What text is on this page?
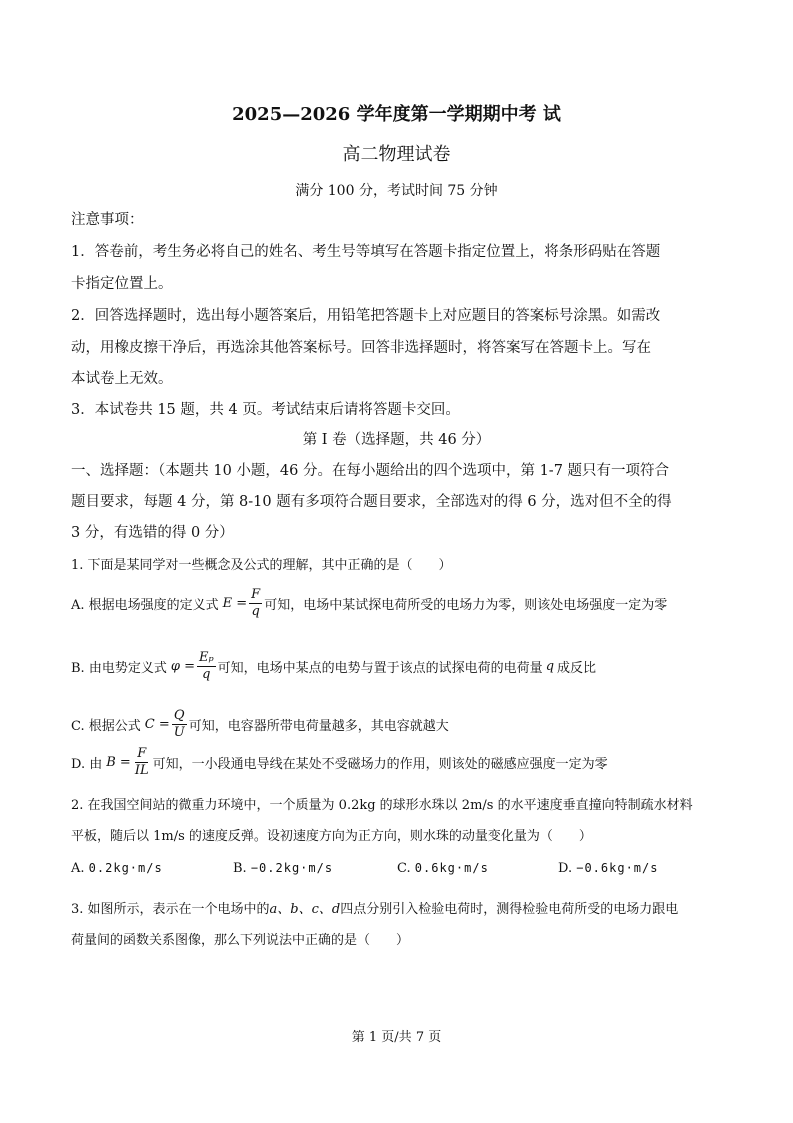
2025—2026 学年度第一学期期中考 试
高二物理试卷
满分 100 分，考试时间 75 分钟
注意事项：
1．答卷前，考生务必将自己的姓名、考生号等填写在答题卡指定位置上，将条形码贴在答题
卡指定位置上。
2．回答选择题时，选出每小题答案后，用铅笔把答题卡上对应题目的答案标号涂黑。如需改
动，用橡皮擦干净后，再选涂其他答案标号。回答非选择题时，将答案写在答题卡上。写在
本试卷上无效。
3．本试卷共 15 题，共 4 页。考试结束后请将答题卡交回。
第 I 卷（选择题，共 46 分）
一、选择题：（本题共 10 小题，46 分。在每小题给出的四个选项中，第 1-7 题只有一项符合
题目要求，每题 4 分，第 8-10 题有多项符合题目要求，全部选对的得 6 分，选对但不全的得
3 分，有选错的得 0 分）
1. 下面是某同学对一些概念及公式的理解，其中正确的是（　　）
A. 根据电场强度的定义式 $E = \frac{F}{q}$ 可知，电场中某试探电荷所受的电场力为零，则该处电场强度一定为零
B. 由电势定义式 $\varphi = \frac{\text{Eₚ}}{q}$ 可知，电场中某点的电势与置于该点的试探电荷的电荷量 q 成反比
C. 根据公式 $C = \frac{Q}{U}$ 可知，电容器所带电荷量越多，其电容就越大
D. 由 $B = \frac{F}{IL}$ 可知，一小段通电导线在某处不受磁场力的作用，则该处的磁感应强度一定为零
2. 在我国空间站的微重力环境中，一个质量为 0.2kg 的球形水珠以 2m/s 的水平速度垂直撞向特制疏水材料
平板，随后以 1m/s 的速度反弹。设初速度方向为正方向，则水珠的动量变化量为（　　）
A. 0.2kg·m/s	B. −0.2kg·m/s	C. 0.6kg·m/s	D. −0.6kg·m/s
3. 如图所示，表示在一个电场中的a、b、c、d四点分别引入检验电荷时，测得检验电荷所受的电场力跟电
荷量间的函数关系图像，那么下列说法中正确的是（　　）
第 1 页/共 7 页
